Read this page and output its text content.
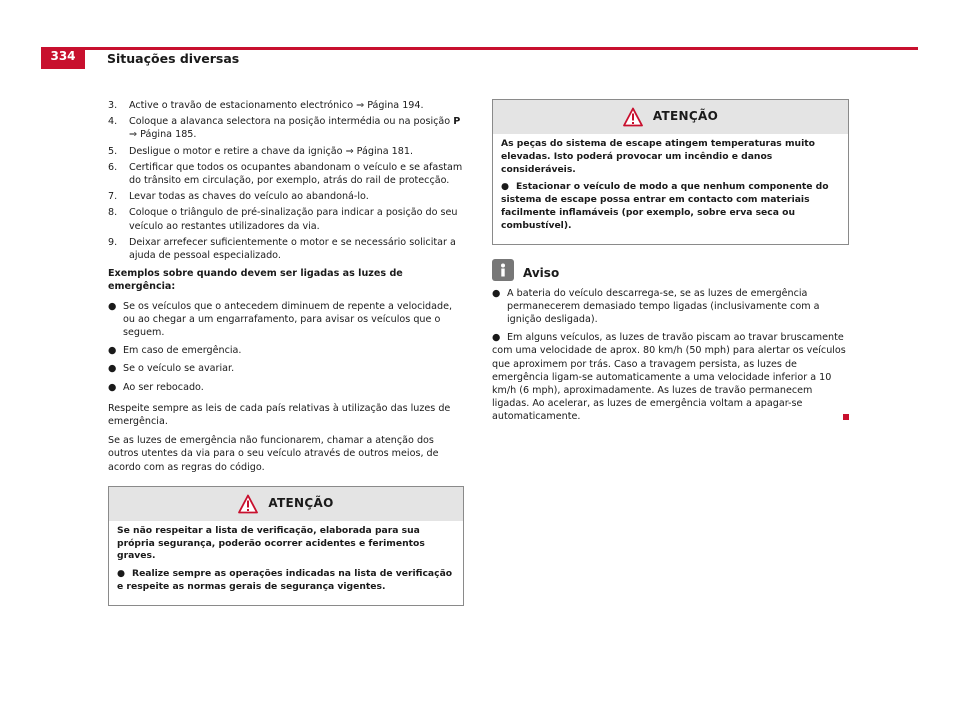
334	Situações diversas
3.	Active o travão de estacionamento electrónico ⇒ Página 194.
4.	Coloque a alavanca selectora na posição intermédia ou na posição P
⇒ Página 185.
5.	Desligue o motor e retire a chave da ignição ⇒ Página 181.
6.	Certificar que todos os ocupantes abandonam o veículo e se afastam do trânsito em circulação, por exemplo, atrás do rail de protecção.
7.	Levar todas as chaves do veículo ao abandoná-lo.
8.	Coloque o triângulo de pré-sinalização para indicar a posição do seu veículo ao restantes utilizadores da via.
9.	Deixar arrefecer suficientemente o motor e se necessário solicitar a ajuda de pessoal especializado.

Exemplos sobre quando devem ser ligadas as luzes de emergência:

● Se os veículos que o antecedem diminuem de repente a velocidade, ou ao chegar a um engarrafamento, para avisar os veículos que o seguem.
● Em caso de emergência.
● Se o veículo se avariar.
● Ao ser rebocado.

Respeite sempre as leis de cada país relativas à utilização das luzes de emergência.

Se as luzes de emergência não funcionarem, chamar a atenção dos outros utentes da via para o seu veículo através de outros meios, de acordo com as regras do código.

ATENÇÃO

Se não respeitar a lista de verificação, elaborada para sua própria segurança, poderão ocorrer acidentes e ferimentos graves.

● Realize sempre as operações indicadas na lista de verificação e respeite as normas gerais de segurança vigentes.
ATENÇÃO

As peças do sistema de escape atingem temperaturas muito elevadas. Isto poderá provocar um incêndio e danos consideráveis.

● Estacionar o veículo de modo a que nenhum componente do sistema de escape possa entrar em contacto com materiais facilmente inflamáveis (por exemplo, sobre erva seca ou combustível).
Aviso
● A bateria do veículo descarrega-se, se as luzes de emergência permanecerem demasiado tempo ligadas (inclusivamente com a ignição desligada).
● Em alguns veículos, as luzes de travão piscam ao travar bruscamente com uma velocidade de aprox. 80 km/h (50 mph) para alertar os veículos que aproximem por trás. Caso a travagem persista, as luzes de emergência ligam-se automaticamente a uma velocidade inferior a 10 km/h (6 mph), aproximadamente. As luzes de travão permanecem ligadas. Ao acelerar, as luzes de emergência voltam a apagar-se automaticamente.
